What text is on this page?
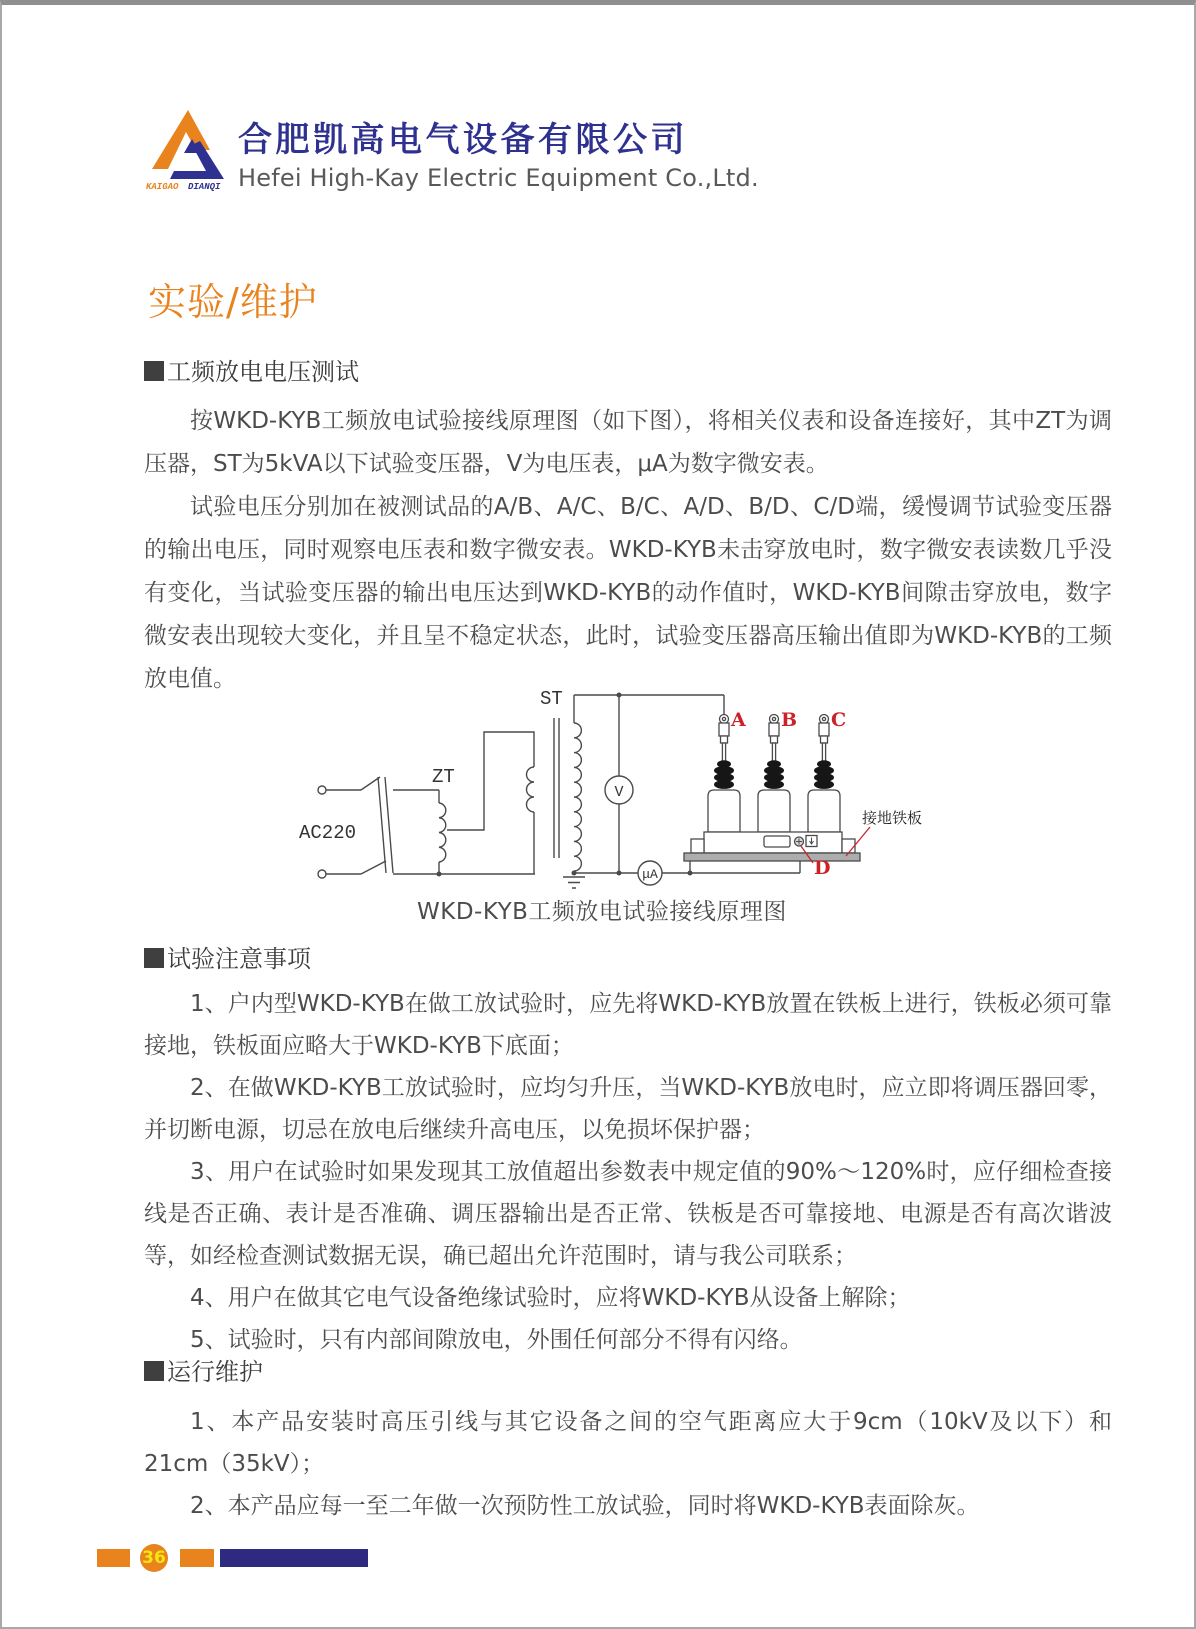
KAIGAO DIANQI
合肥凯高电气设备有限公司
Hefei High-Kay Electric Equipment Co.,Ltd.
实验/维护
工频放电电压测试

按WKD-KYB工频放电试验接线原理图（如下图），将相关仪表和设备连接好，其中ZT为调压器，ST为5kVA以下试验变压器，V为电压表，μA为数字微安表。

试验电压分别加在被测试品的A/B、A/C、B/C、A/D、B/D、C/D端，缓慢调节试验变压器的输出电压，同时观察电压表和数字微安表。WKD-KYB未击穿放电时，数字微安表读数几乎没有变化，当试验变压器的输出电压达到WKD-KYB的动作值时，WKD-KYB间隙击穿放电，数字微安表出现较大变化，并且呈不稳定状态，此时，试验变压器高压输出值即为WKD-KYB的工频放电值。

AC220
ZT
ST
V
μA
A B C
D
接地铁板
WKD-KYB工频放电试验接线原理图
试验注意事项

1、户内型WKD-KYB在做工放试验时，应先将WKD-KYB放置在铁板上进行，铁板必须可靠接地，铁板面应略大于WKD-KYB下底面；

2、在做WKD-KYB工放试验时，应均匀升压，当WKD-KYB放电时，应立即将调压器回零，并切断电源，切忌在放电后继续升高电压，以免损坏保护器；

3、用户在试验时如果发现其工放值超出参数表中规定值的90%～120%时，应仔细检查接线是否正确、表计是否准确、调压器输出是否正常、铁板是否可靠接地、电源是否有高次谐波等，如经检查测试数据无误，确已超出允许范围时，请与我公司联系；

4、用户在做其它电气设备绝缘试验时，应将WKD-KYB从设备上解除；

5、试验时，只有内部间隙放电，外围任何部分不得有闪络。

运行维护

1、本产品安装时高压引线与其它设备之间的空气距离应大于9cm（10kV及以下）和21cm（35kV）；

2、本产品应每一至二年做一次预防性工放试验，同时将WKD-KYB表面除灰。

36
